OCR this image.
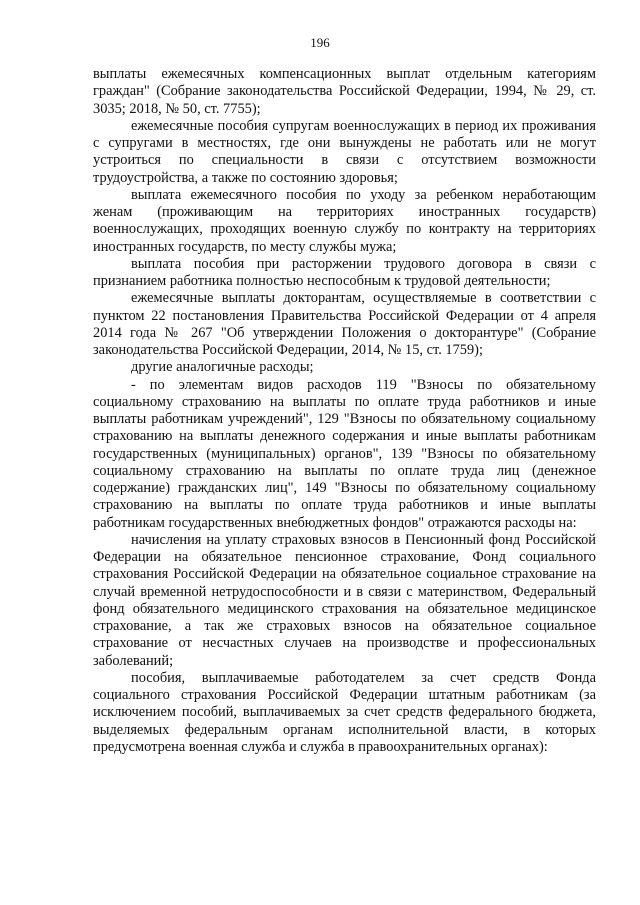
196

выплаты ежемесячных компенсационных выплат отдельным категориям граждан" (Собрание законодательства Российской Федерации, 1994, № 29, ст. 3035; 2018, № 50, ст. 7755);

ежемесячные пособия супругам военнослужащих в период их проживания с супругами в местностях, где они вынуждены не работать или не могут устроиться по специальности в связи с отсутствием возможности трудоустройства, а также по состоянию здоровья;

выплата ежемесячного пособия по уходу за ребенком неработающим женам (проживающим на территориях иностранных государств) военнослужащих, проходящих военную службу по контракту на территориях иностранных государств, по месту службы мужа;

выплата пособия при расторжении трудового договора в связи с признанием работника полностью неспособным к трудовой деятельности;

ежемесячные выплаты докторантам, осуществляемые в соответствии с пунктом 22 постановления Правительства Российской Федерации от 4 апреля 2014 года № 267 "Об утверждении Положения о докторантуре" (Собрание законодательства Российской Федерации, 2014, № 15, ст. 1759);

другие аналогичные расходы;

- по элементам видов расходов 119 "Взносы по обязательному социальному страхованию на выплаты по оплате труда работников и иные выплаты работникам учреждений", 129 "Взносы по обязательному социальному страхованию на выплаты денежного содержания и иные выплаты работникам государственных (муниципальных) органов", 139 "Взносы по обязательному социальному страхованию на выплаты по оплате труда лиц (денежное содержание) гражданских лиц", 149 "Взносы по обязательному социальному страхованию на выплаты по оплате труда работников и иные выплаты работникам государственных внебюджетных фондов" отражаются расходы на:

начисления на уплату страховых взносов в Пенсионный фонд Российской Федерации на обязательное пенсионное страхование, Фонд социального страхования Российской Федерации на обязательное социальное страхование на случай временной нетрудоспособности и в связи с материнством, Федеральный фонд обязательного медицинского страхования на обязательное медицинское страхование, а так же страховых взносов на обязательное социальное страхование от несчастных случаев на производстве и профессиональных заболеваний;

пособия, выплачиваемые работодателем за счет средств Фонда социального страхования Российской Федерации штатным работникам (за исключением пособий, выплачиваемых за счет средств федерального бюджета, выделяемых федеральным органам исполнительной власти, в которых предусмотрена военная служба и служба в правоохранительных органах):
